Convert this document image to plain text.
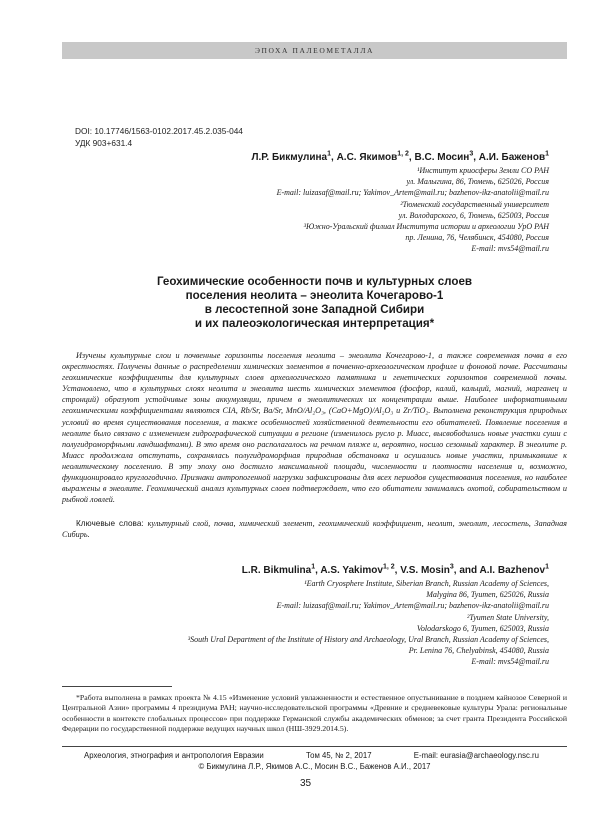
ЭПОХА ПАЛЕОМЕТАЛЛА
DOI: 10.17746/1563-0102.2017.45.2.035-044
УДК 903+631.4
Л.Р. Бикмулина$^1$, А.С. Якимов$^{1, 2}$, В.С. Мосин$^3$, А.И. Баженов$^1$
¹Институт криосферы Земли СО РАН
ул. Малыгина, 86, Тюмень, 625026, Россия
E-mail: luizasaf@mail.ru; Yakimov_Artem@mail.ru; bazhenov-ikz-anatolii@mail.ru
²Тюменский государственный университет
ул. Володарского, 6, Тюмень, 625003, Россия
³Южно-Уральский филиал Института истории и археологии УрО РАН
пр. Ленина, 76, Челябинск, 454080, Россия
E-mail: mvs54@mail.ru
Геохимические особенности почв и культурных слоев
поселения неолита – энеолита Кочегарово-1
в лесостепной зоне Западной Сибири
и их палеоэкологическая интерпретация*

Изучены культурные слои и почвенные горизонты поселения неолита – энеолита Кочегарово-1, а также современная почва в его окрестностях. Получены данные о распределении химических элементов в почвенно-археологическом профиле и фоновой почве. Рассчитаны геохимические коэффициенты для культурных слоев археологического памятника и генетических горизонтов современной почвы. Установлено, что в культурных слоях неолита и энеолита шесть химических элементов (фосфор, калий, кальций, магний, марганец и стронций) образуют устойчивые зоны аккумуляции, причем в энеолитических их концентрации выше. Наиболее информативными геохимическими коэффициентами являются CIA, Rb/Sr, Ba/Sr, MnO/Al₂O₃, (CaO+MgO)/Al₂O₃ и Zr/TiO₂. Выполнена реконструкция природных условий во время существования поселения, а также особенностей хозяйственной деятельности его обитателей. Появление поселения в неолите было связано с изменением гидрографической ситуации в регионе (изменилось русло р. Миасс, высвободились новые участки суши с полугидроморфными ландшафтами). В это время оно располагалось на речном пляже и, вероятно, носило сезонный характер. В энеолите р. Миасс продолжала отступать, сохранялась полугидроморфная природная обстановка и осушались новые участки, примыкавшие к неолитическому поселению. В эту эпоху оно достигло максимальной площади, численности и плотности населения и, возможно, функционировало круглогодично. Признаки антропогенной нагрузки зафиксированы для всех периодов существования поселения, но наиболее выражены в энеолите. Геохимический анализ культурных слоев подтверждает, что его обитатели занимались охотой, собирательством и рыбной ловлей.

Ключевые слова: культурный слой, почва, химический элемент, геохимический коэффициент, неолит, энеолит, лесостепь, Западная Сибирь.

L.R. Bikmulina$^1$, A.S. Yakimov$^{1, 2}$, V.S. Mosin$^3$, and A.I. Bazhenov$^1$
¹Earth Cryosphere Institute, Siberian Branch, Russian Academy of Sciences,
Malygina 86, Tyumen, 625026, Russia
E-mail: luizasaf@mail.ru; Yakimov_Artem@mail.ru; bazhenov-ikz-anatolii@mail.ru
²Tyumen State University,
Volodarskogo 6, Tyumen, 625003, Russia
³South Ural Department of the Institute of History and Archaeology, Ural Branch, Russian Academy of Sciences,
Pr. Lenina 76, Chelyabinsk, 454080, Russia
E-mail: mvs54@mail.ru

*Работа выполнена в рамках проекта № 4.15 «Изменение условий увлажненности и естественное опустынивание в позднем кайнозое Северной и Центральной Азии» программы 4 президиума РАН; научно-исследовательской программы «Древние и средневековые культуры Урала: региональные особенности в контексте глобальных процессов» при поддержке Германской службы академических обменов; за счет гранта Президента Российской Федерации по государственной поддержке ведущих научных школ (НШ-3929.2014.5).

Археология, этнография и антропология Евразии	Том 45, № 2, 2017	E-mail: eurasia@archaeology.nsc.ru
© Бикмулина Л.Р., Якимов А.С., Мосин В.С., Баженов А.И., 2017
35
